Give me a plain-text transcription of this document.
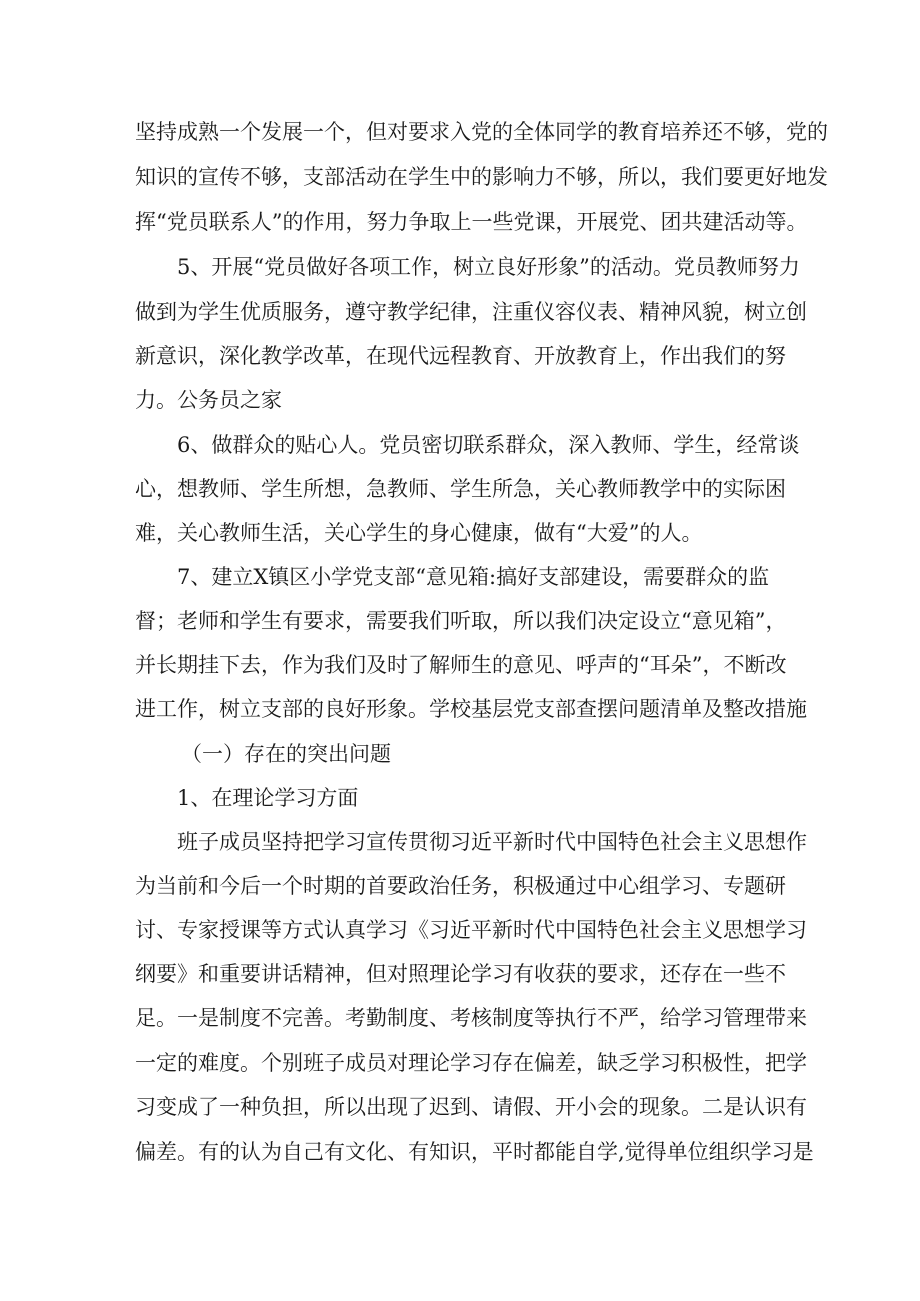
坚持成熟一个发展一个，但对要求入党的全体同学的教育培养还不够，党的
知识的宣传不够，支部活动在学生中的影响力不够，所以，我们要更好地发
挥“党员联系人”的作用，努力争取上一些党课，开展党、团共建活动等。
5、开展“党员做好各项工作，树立良好形象”的活动。党员教师努力
做到为学生优质服务，遵守教学纪律，注重仪容仪表、精神风貌，树立创
新意识，深化教学改革，在现代远程教育、开放教育上，作出我们的努
力。公务员之家
6、做群众的贴心人。党员密切联系群众，深入教师、学生，经常谈
心，想教师、学生所想，急教师、学生所急，关心教师教学中的实际困
难，关心教师生活，关心学生的身心健康，做有“大爱”的人。
7、建立X镇区小学党支部“意见箱:搞好支部建设，需要群众的监
督；老师和学生有要求，需要我们听取，所以我们决定设立“意见箱”，
并长期挂下去，作为我们及时了解师生的意见、呼声的“耳朵”，不断改
进工作，树立支部的良好形象。学校基层党支部查摆问题清单及整改措施
（一）存在的突出问题
1、在理论学习方面
班子成员坚持把学习宣传贯彻习近平新时代中国特色社会主义思想作
为当前和今后一个时期的首要政治任务，积极通过中心组学习、专题研
讨、专家授课等方式认真学习《习近平新时代中国特色社会主义思想学习
纲要》和重要讲话精神，但对照理论学习有收获的要求，还存在一些不
足。一是制度不完善。考勤制度、考核制度等执行不严，给学习管理带来
一定的难度。个别班子成员对理论学习存在偏差，缺乏学习积极性，把学
习变成了一种负担，所以出现了迟到、请假、开小会的现象。二是认识有
偏差。有的认为自己有文化、有知识，平时都能自学,觉得单位组织学习是
